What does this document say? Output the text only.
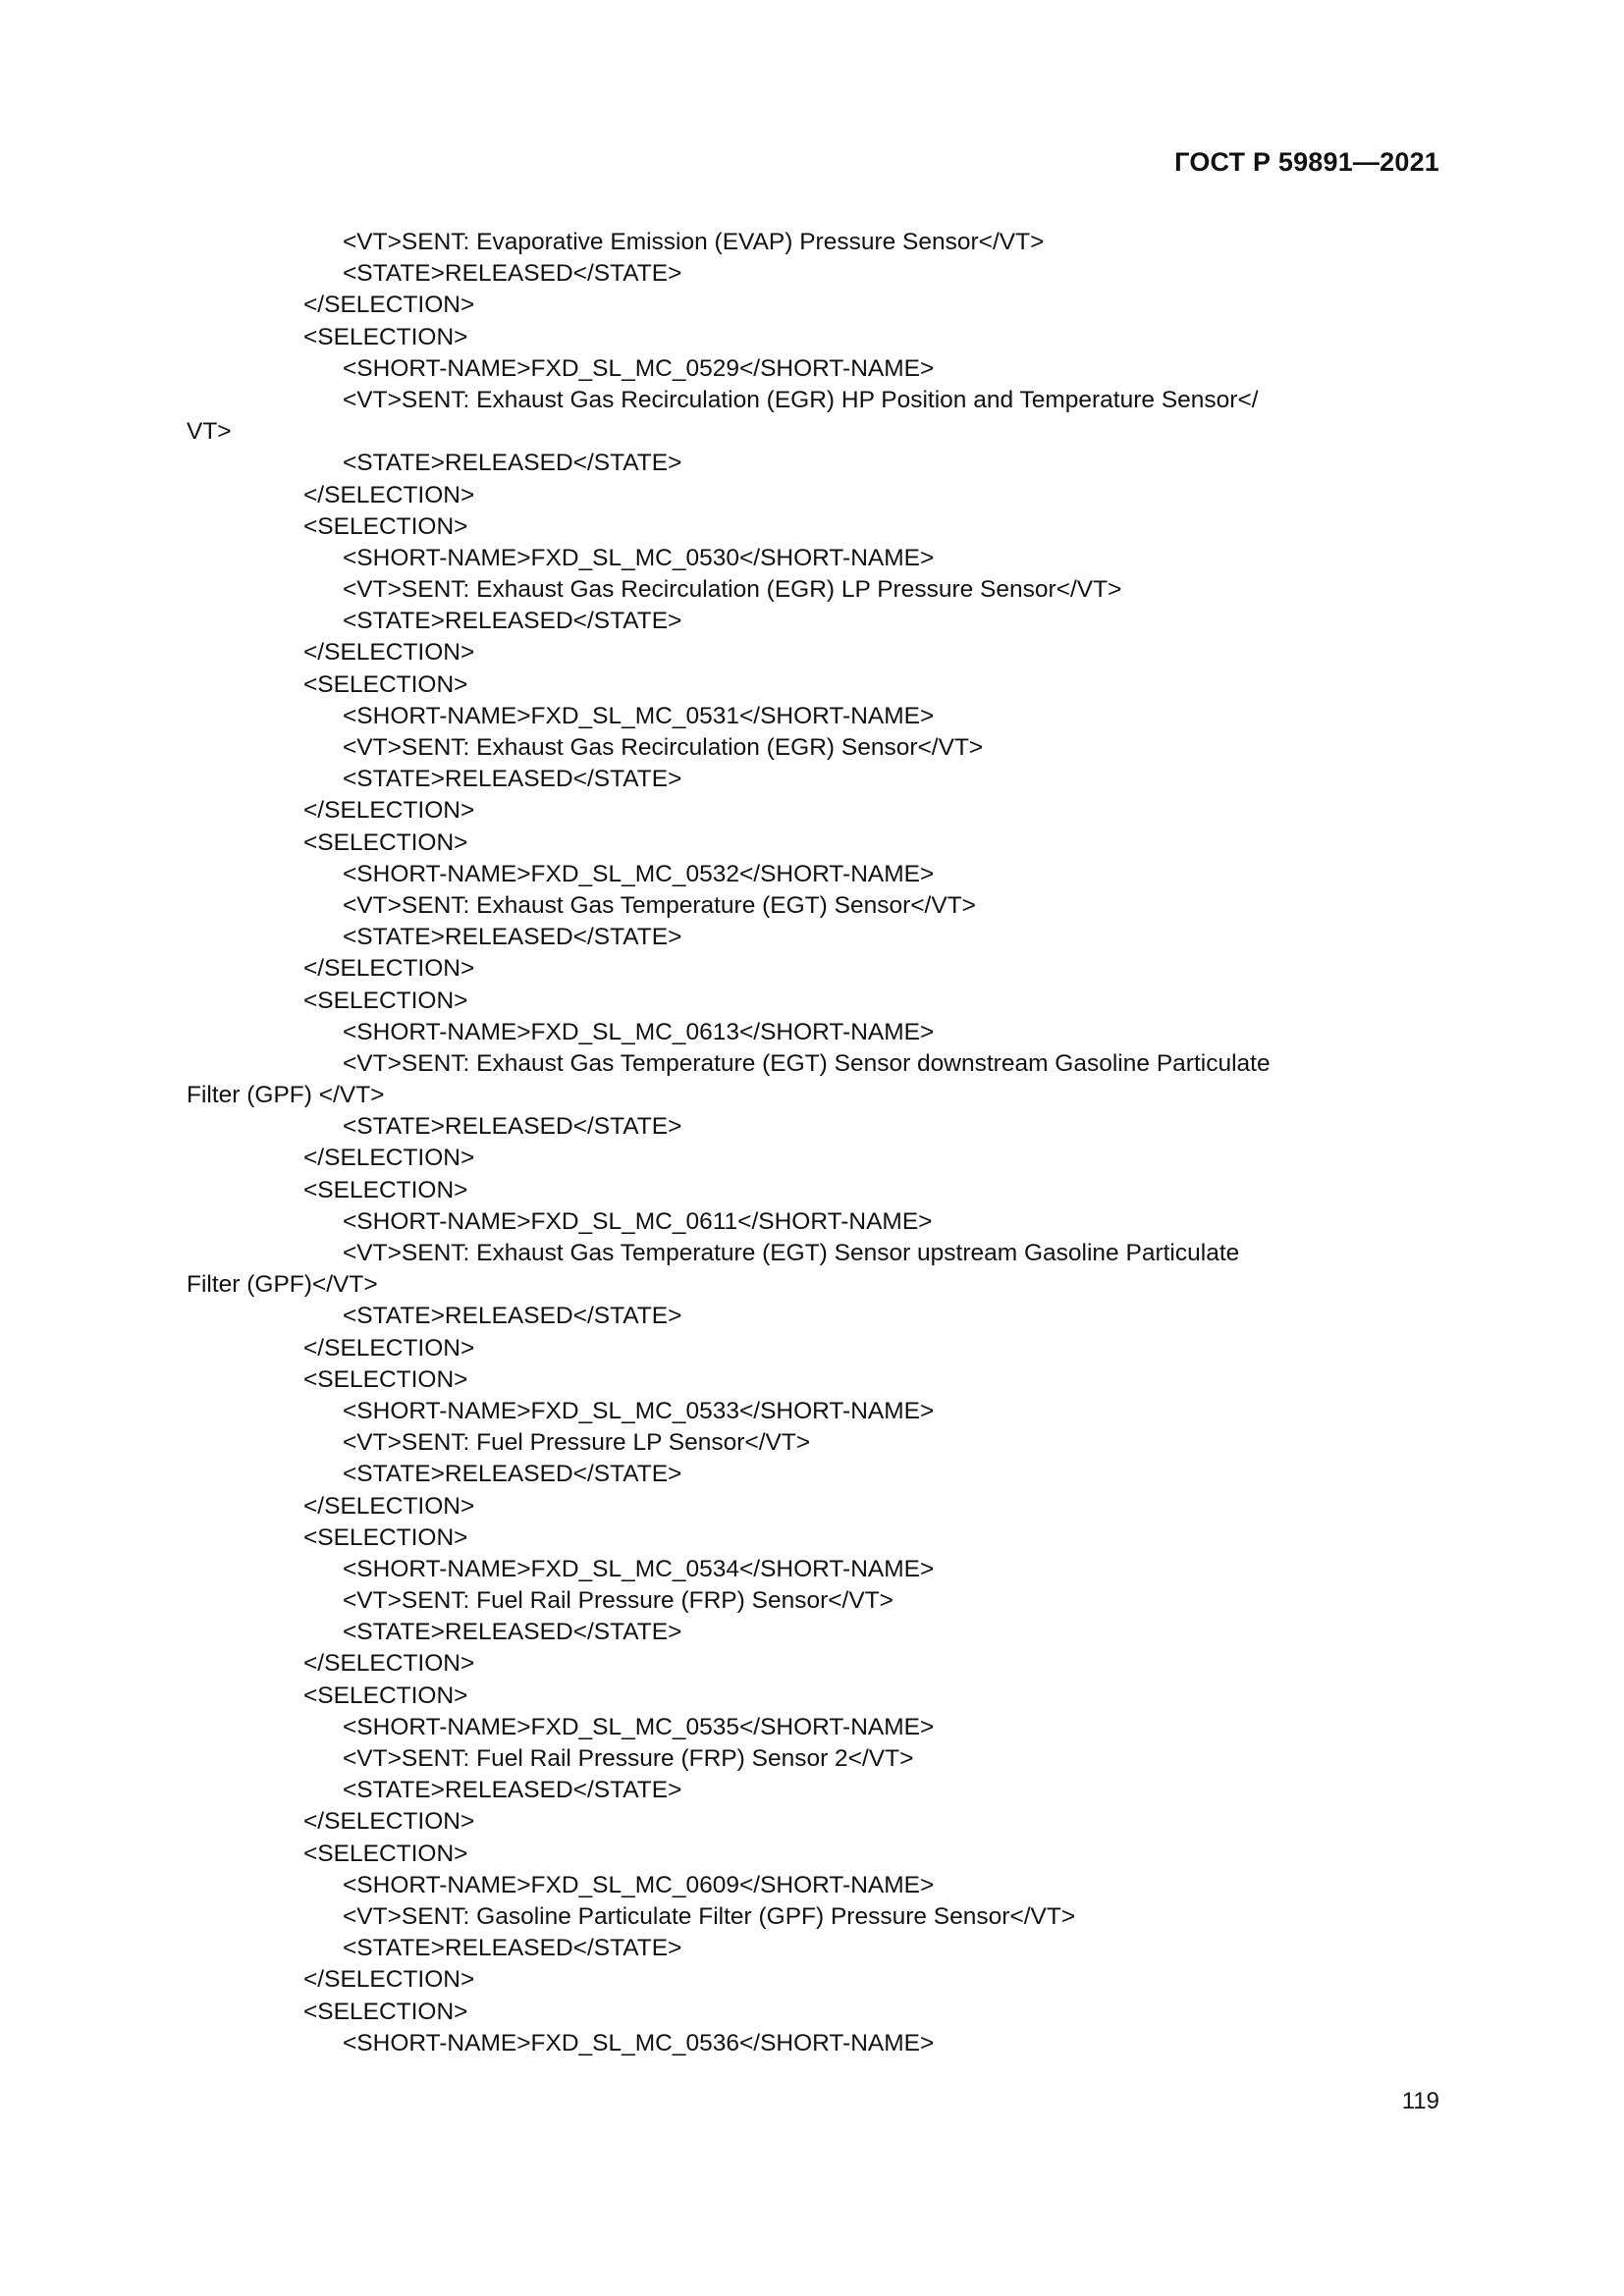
ГОСТ Р 59891—2021
<VT>SENT: Evaporative Emission (EVAP) Pressure Sensor</VT>
<STATE>RELEASED</STATE>
</SELECTION>
<SELECTION>
<SHORT-NAME>FXD_SL_MC_0529</SHORT-NAME>
<VT>SENT: Exhaust Gas Recirculation (EGR) HP Position and Temperature Sensor</
VT>
<STATE>RELEASED</STATE>
</SELECTION>
<SELECTION>
<SHORT-NAME>FXD_SL_MC_0530</SHORT-NAME>
<VT>SENT: Exhaust Gas Recirculation (EGR) LP Pressure Sensor</VT>
<STATE>RELEASED</STATE>
</SELECTION>
<SELECTION>
<SHORT-NAME>FXD_SL_MC_0531</SHORT-NAME>
<VT>SENT: Exhaust Gas Recirculation (EGR) Sensor</VT>
<STATE>RELEASED</STATE>
</SELECTION>
<SELECTION>
<SHORT-NAME>FXD_SL_MC_0532</SHORT-NAME>
<VT>SENT: Exhaust Gas Temperature (EGT) Sensor</VT>
<STATE>RELEASED</STATE>
</SELECTION>
<SELECTION>
<SHORT-NAME>FXD_SL_MC_0613</SHORT-NAME>
<VT>SENT: Exhaust Gas Temperature (EGT) Sensor downstream Gasoline Particulate
Filter (GPF) </VT>
<STATE>RELEASED</STATE>
</SELECTION>
<SELECTION>
<SHORT-NAME>FXD_SL_MC_0611</SHORT-NAME>
<VT>SENT: Exhaust Gas Temperature (EGT) Sensor upstream Gasoline Particulate
Filter (GPF)</VT>
<STATE>RELEASED</STATE>
</SELECTION>
<SELECTION>
<SHORT-NAME>FXD_SL_MC_0533</SHORT-NAME>
<VT>SENT: Fuel Pressure LP Sensor</VT>
<STATE>RELEASED</STATE>
</SELECTION>
<SELECTION>
<SHORT-NAME>FXD_SL_MC_0534</SHORT-NAME>
<VT>SENT: Fuel Rail Pressure (FRP) Sensor</VT>
<STATE>RELEASED</STATE>
</SELECTION>
<SELECTION>
<SHORT-NAME>FXD_SL_MC_0535</SHORT-NAME>
<VT>SENT: Fuel Rail Pressure (FRP) Sensor 2</VT>
<STATE>RELEASED</STATE>
</SELECTION>
<SELECTION>
<SHORT-NAME>FXD_SL_MC_0609</SHORT-NAME>
<VT>SENT: Gasoline Particulate Filter (GPF) Pressure Sensor</VT>
<STATE>RELEASED</STATE>
</SELECTION>
<SELECTION>
<SHORT-NAME>FXD_SL_MC_0536</SHORT-NAME>
119
